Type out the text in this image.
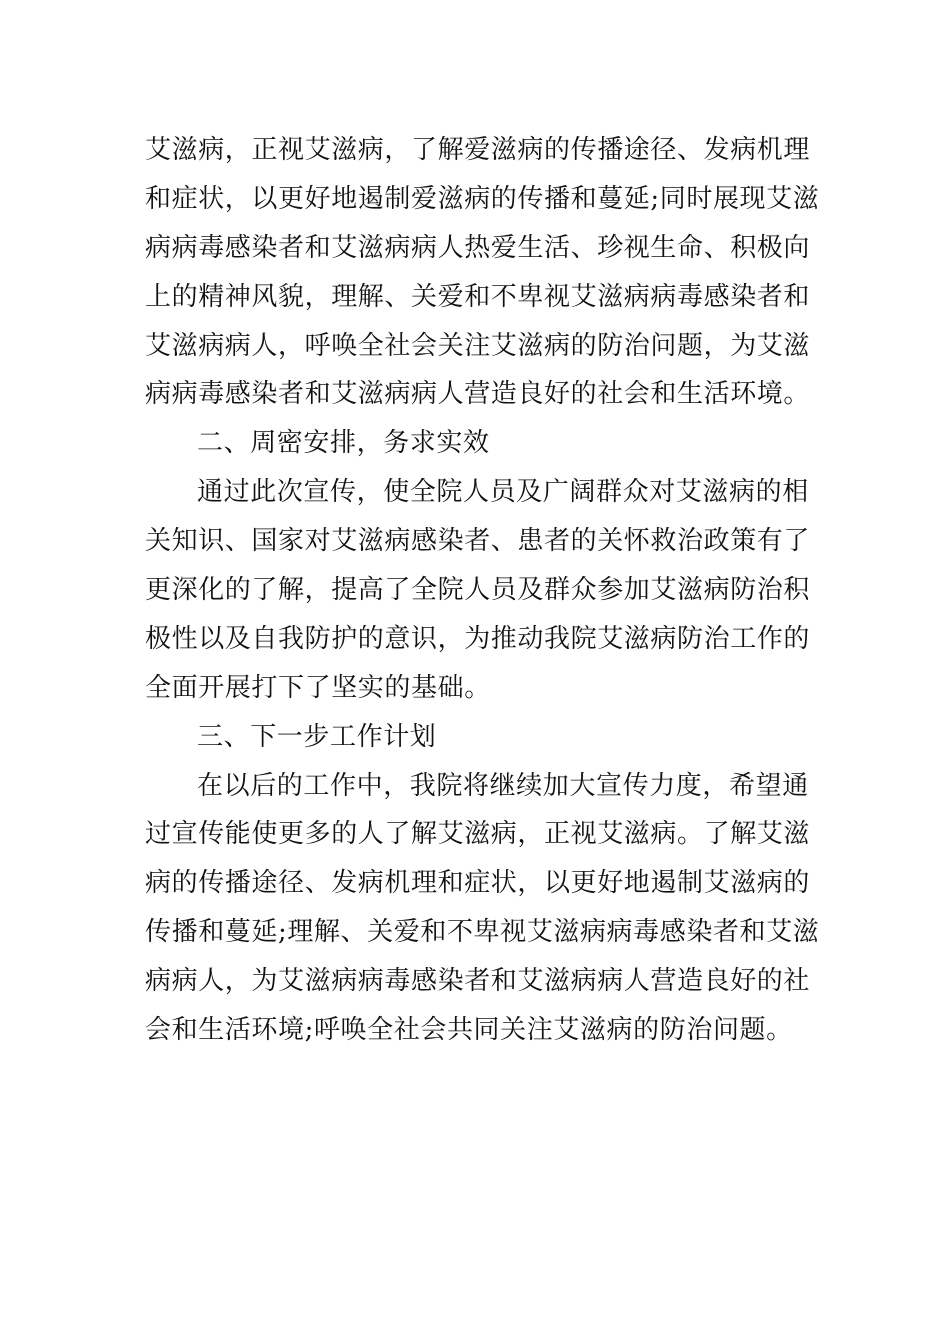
艾滋病，正视艾滋病，了解爱滋病的传播途径、发病机理
和症状，以更好地遏制爱滋病的传播和蔓延;同时展现艾滋
病病毒感染者和艾滋病病人热爱生活、珍视生命、积极向
上的精神风貌，理解、关爱和不卑视艾滋病病毒感染者和
艾滋病病人，呼唤全社会关注艾滋病的防治问题，为艾滋
病病毒感染者和艾滋病病人营造良好的社会和生活环境。
二、周密安排，务求实效
通过此次宣传，使全院人员及广阔群众对艾滋病的相
关知识、国家对艾滋病感染者、患者的关怀救治政策有了
更深化的了解，提高了全院人员及群众参加艾滋病防治积
极性以及自我防护的意识，为推动我院艾滋病防治工作的
全面开展打下了坚实的基础。
三、下一步工作计划
在以后的工作中，我院将继续加大宣传力度，希望通
过宣传能使更多的人了解艾滋病，正视艾滋病。了解艾滋
病的传播途径、发病机理和症状，以更好地遏制艾滋病的
传播和蔓延;理解、关爱和不卑视艾滋病病毒感染者和艾滋
病病人，为艾滋病病毒感染者和艾滋病病人营造良好的社
会和生活环境;呼唤全社会共同关注艾滋病的防治问题。
